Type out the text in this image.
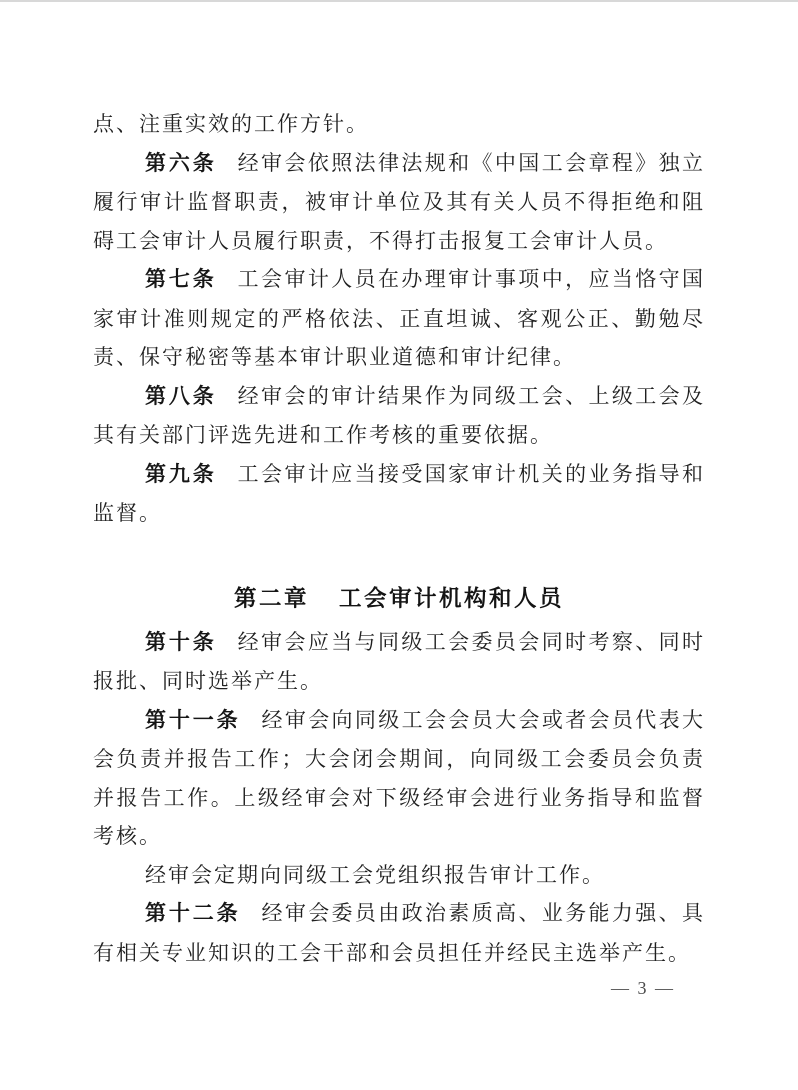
点、注重实效的工作方针。

第六条 经审会依照法律法规和《中国工会章程》独立履行审计监督职责，被审计单位及其有关人员不得拒绝和阻碍工会审计人员履行职责，不得打击报复工会审计人员。

第七条 工会审计人员在办理审计事项中，应当恪守国家审计准则规定的严格依法、正直坦诚、客观公正、勤勉尽责、保守秘密等基本审计职业道德和审计纪律。

第八条 经审会的审计结果作为同级工会、上级工会及其有关部门评选先进和工作考核的重要依据。

第九条 工会审计应当接受国家审计机关的业务指导和监督。

第二章 工会审计机构和人员

第十条 经审会应当与同级工会委员会同时考察、同时报批、同时选举产生。

第十一条 经审会向同级工会会员大会或者会员代表大会负责并报告工作；大会闭会期间，向同级工会委员会负责并报告工作。上级经审会对下级经审会进行业务指导和监督考核。

经审会定期向同级工会党组织报告审计工作。

第十二条 经审会委员由政治素质高、业务能力强、具有相关专业知识的工会干部和会员担任并经民主选举产生。

— 3 —
